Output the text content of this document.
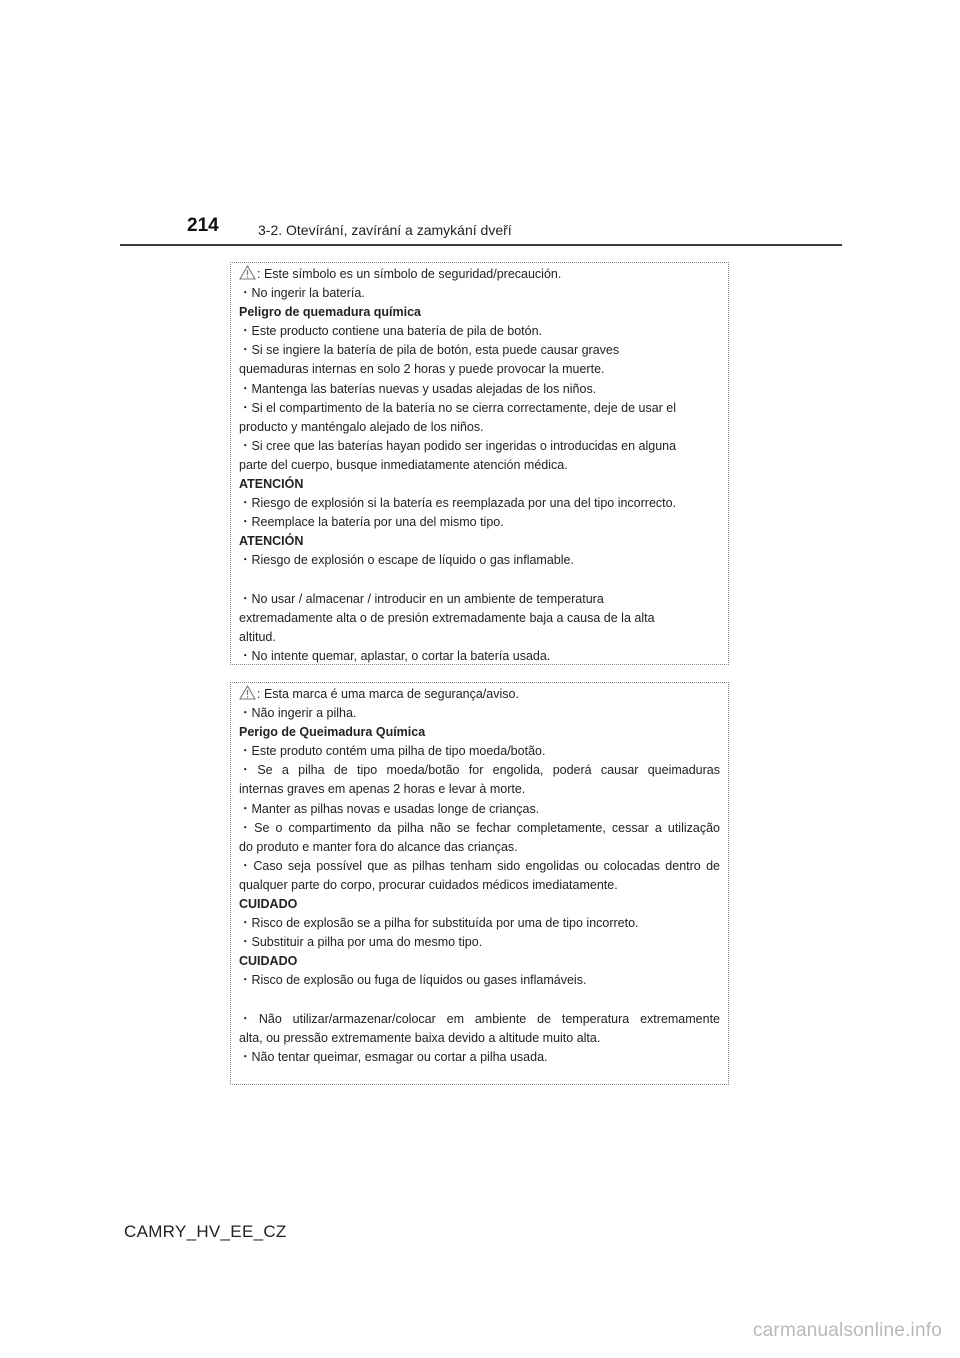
214	3-2. Otevírání, zavírání a zamykání dveří
: Este símbolo es un símbolo de seguridad/precaución.
・No ingerir la batería.
Peligro de quemadura química
・Este producto contiene una batería de pila de botón.
・Si se ingiere la batería de pila de botón, esta puede causar graves
quemaduras internas en solo 2 horas y puede provocar la muerte.
・Mantenga las baterías nuevas y usadas alejadas de los niños.
・Si el compartimento de la batería no se cierra correctamente, deje de usar el
producto y manténgalo alejado de los niños.
・Si cree que las baterías hayan podido ser ingeridas o introducidas en alguna
parte del cuerpo, busque inmediatamente atención médica.
ATENCIÓN
・Riesgo de explosión si la batería es reemplazada por una del tipo incorrecto.
・Reemplace la batería por una del mismo tipo.
ATENCIÓN
・Riesgo de explosión o escape de líquido o gas inflamable.
・No usar / almacenar / introducir en un ambiente de temperatura
extremadamente alta o de presión extremadamente baja a causa de la alta
altitud.
・No intente quemar, aplastar, o cortar la batería usada.
: Esta marca é uma marca de segurança/aviso.
・Não ingerir a pilha.
Perigo de Queimadura Química
・Este produto contém uma pilha de tipo moeda/botão.
・Se a pilha de tipo moeda/botão for engolida, poderá causar queimaduras
internas graves em apenas 2 horas e levar à morte.
・Manter as pilhas novas e usadas longe de crianças.
・Se o compartimento da pilha não se fechar completamente, cessar a utilização
do produto e manter fora do alcance das crianças.
・Caso seja possível que as pilhas tenham sido engolidas ou colocadas dentro de
qualquer parte do corpo, procurar cuidados médicos imediatamente.
CUIDADO
・Risco de explosão se a pilha for substituída por uma de tipo incorreto.
・Substituir a pilha por uma do mesmo tipo.
CUIDADO
・Risco de explosão ou fuga de líquidos ou gases inflamáveis.
・Não utilizar/armazenar/colocar em ambiente de temperatura extremamente
alta, ou pressão extremamente baixa devido a altitude muito alta.
・Não tentar queimar, esmagar ou cortar a pilha usada.
CAMRY_HV_EE_CZ
carmanualsonline.info
